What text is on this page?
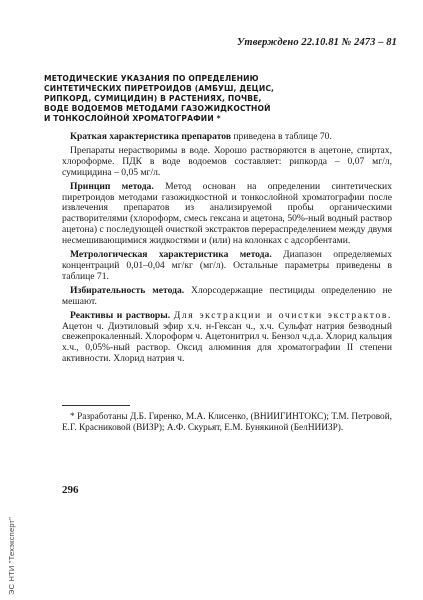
Утверждено 22.10.81 № 2473 – 81
МЕТОДИЧЕСКИЕ УКАЗАНИЯ ПО ОПРЕДЕЛЕНИЮ
СИНТЕТИЧЕСКИХ ПИРЕТРОИДОВ (АМБУШ, ДЕЦИС,
РИПКОРД, СУМИЦИДИН) В РАСТЕНИЯХ, ПОЧВЕ,
ВОДЕ ВОДОЕМОВ МЕТОДАМИ ГАЗОЖИДКОСТНОЙ
И ТОНКОСЛОЙНОЙ ХРОМАТОГРАФИИ *

Краткая характеристика препаратов приведена в таблице 70.

Препараты нерастворимы в воде. Хорошо растворяются в ацетоне, спиртах, хлороформе. ПДК в воде водоемов составляет: рипкорда – 0,07 мг/л, сумицидина – 0,05 мг/л.

Принцип метода. Метод основан на определении синтетических пиретроидов методами газожидкостной и тонкослойной хроматографии после извлечения препаратов из анализируемой пробы органическими растворителями (хлороформ, смесь гексана и ацетона, 50%-ный водный раствор ацетона) с последующей очисткой экстрактов перераспределением между двумя несмешивающимися жидкостями и (или) на колонках с адсорбентами.

Метрологическая характеристика метода. Диапазон определяемых концентраций 0,01–0,04 мг/кг (мг/л). Остальные параметры приведены в таблице 71.

Избирательность метода. Хлорсодержащие пестициды определению не мешают.

Реактивы и растворы. Для экстракции и очистки экстрактов. Ацетон ч. Диэтиловый эфир х.ч. н-Гексан ч., х.ч. Сульфат натрия безводный свежепрокаленный. Хлороформ ч. Ацетонитрил ч. Бензол ч.д.а. Хлорид кальция х.ч., 0,05%-ный раствор. Оксид алюминия для хроматографии II степени активности. Хлорид натрия ч.

* Разработаны Д.Б. Гиренко, М.А. Клисенко, (ВНИИГИНТОКС); Т.М. Петровой, Е.Г. Красниковой (ВИЗР); А.Ф. Скурьят, Е.М. Бунякиной (БелНИИЗР).
296
ЭС НТИ "Техэксперт"
